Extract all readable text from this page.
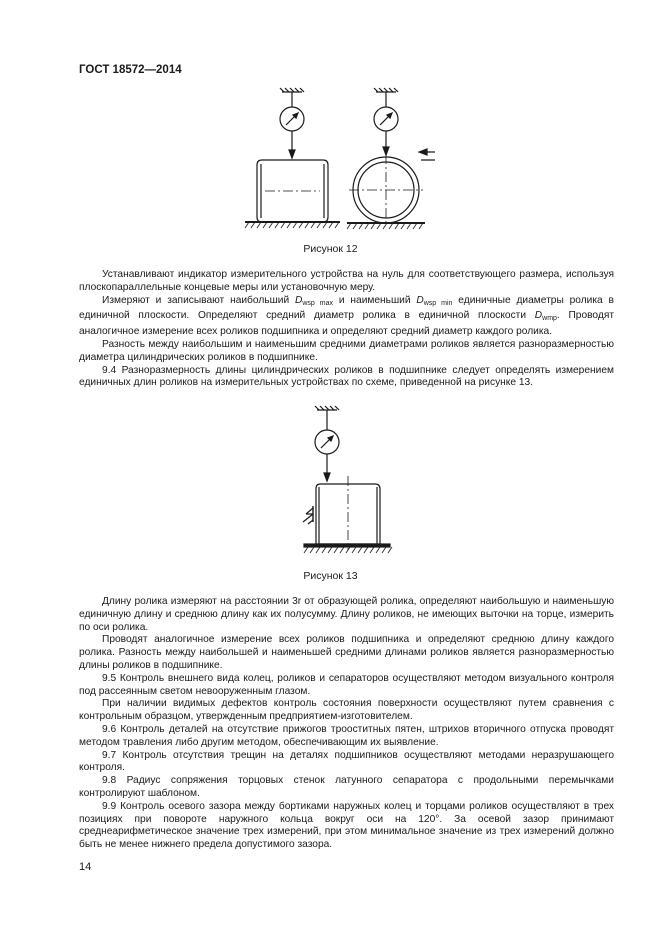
ГОСТ 18572—2014
Рисунок 12

Устанавливают индикатор измерительного устройства на нуль для соответствующего размера, используя плоскопараллельные концевые меры или установочную меру.

Измеряют и записывают наибольший $D_{wsp max}$ и наименьший $D_{wsp min}$ единичные диаметры ролика в единичной плоскости. Определяют средний диаметр ролика в единичной плоскости $D_{wmp}$. Проводят аналогичное измерение всех роликов подшипника и определяют средний диаметр каждого ролика.

Разность между наибольшим и наименьшим средними диаметрами роликов является разноразмерностью диаметра цилиндрических роликов в подшипнике.

9.4 Разноразмерность длины цилиндрических роликов в подшипнике следует определять измерением единичных длин роликов на измерительных устройствах по схеме, приведенной на рисунке 13.

Рисунок 13

Длину ролика измеряют на расстоянии 3r от образующей ролика, определяют наибольшую и наименьшую единичную длину и среднюю длину как их полусумму. Длину роликов, не имеющих выточки на торце, измерить по оси ролика.

Проводят аналогичное измерение всех роликов подшипника и определяют среднюю длину каждого ролика. Разность между наибольшей и наименьшей средними длинами роликов является разноразмерностью длины роликов в подшипнике.

9.5 Контроль внешнего вида колец, роликов и сепараторов осуществляют методом визуального контроля под рассеянным светом невооруженным глазом.

При наличии видимых дефектов контроль состояния поверхности осуществляют путем сравнения с контрольным образцом, утвержденным предприятием-изготовителем.

9.6 Контроль деталей на отсутствие прижогов трооститных пятен, штрихов вторичного отпуска проводят методом травления либо другим методом, обеспечивающим их выявление.

9.7 Контроль отсутствия трещин на деталях подшипников осуществляют методами неразрушающего контроля.

9.8 Радиус сопряжения торцовых стенок латунного сепаратора с продольными перемычками контролируют шаблоном.

9.9 Контроль осевого зазора между бортиками наружных колец и торцами роликов осуществляют в трех позициях при повороте наружного кольца вокруг оси на 120°. За осевой зазор принимают среднеарифметическое значение трех измерений, при этом минимальное значение из трех измерений должно быть не менее нижнего предела допустимого зазора.

14
